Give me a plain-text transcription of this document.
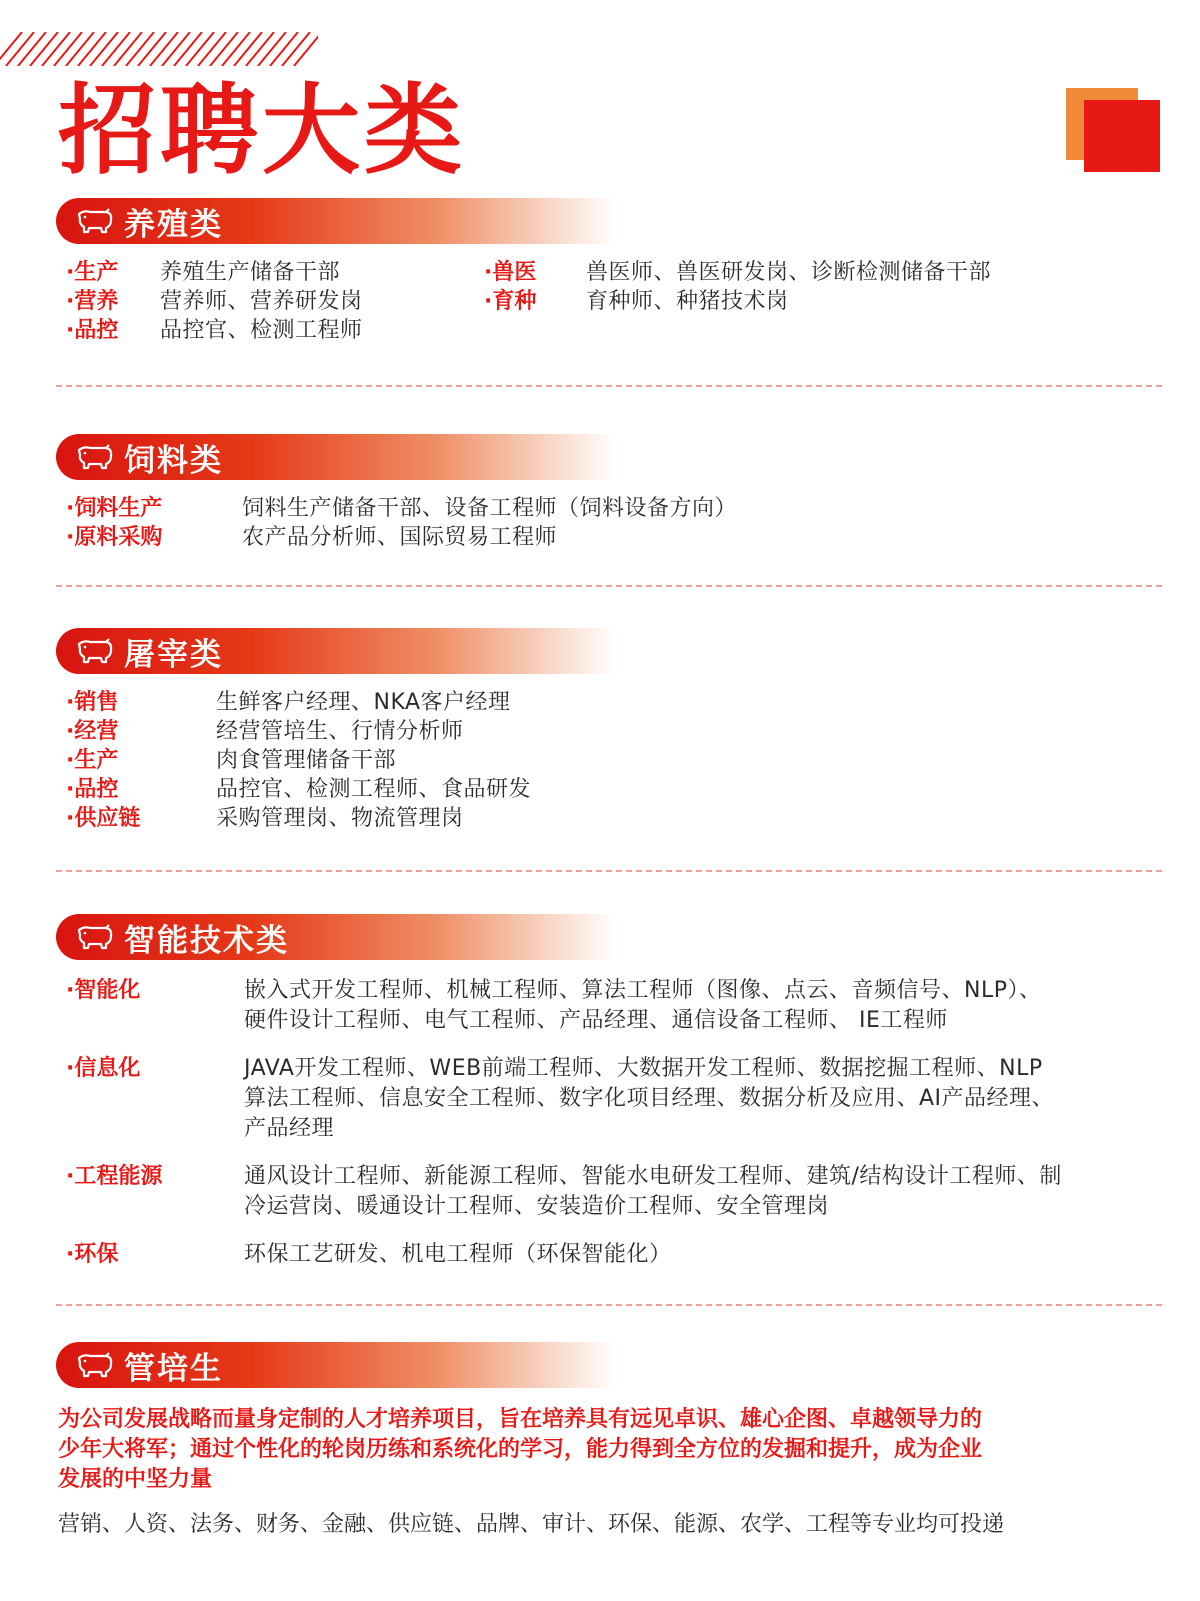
招聘大类
养殖类
·生产 养殖生产储备干部
·营养 营养师、营养研发岗
·品控 品控官、检测工程师
·兽医 兽医师、兽医研发岗、诊断检测储备干部
·育种 育种师、种猪技术岗
饲料类
·饲料生产	饲料生产储备干部、设备工程师（饲料设备方向）
·原料采购	农产品分析师、国际贸易工程师
屠宰类
·销售	生鲜客户经理、NKA客户经理
·经营	经营管培生、行情分析师
·生产	肉食管理储备干部
·品控	品控官、检测工程师、食品研发
·供应链	采购管理岗、物流管理岗
智能技术类
·智能化	嵌入式开发工程师、机械工程师、算法工程师（图像、点云、音频信号、NLP）、
硬件设计工程师、电气工程师、产品经理、通信设备工程师、 IE工程师
·信息化	JAVA开发工程师、WEB前端工程师、大数据开发工程师、数据挖掘工程师、NLP
算法工程师、信息安全工程师、数字化项目经理、数据分析及应用、AI产品经理、
产品经理
·工程能源	通风设计工程师、新能源工程师、智能水电研发工程师、建筑/结构设计工程师、制
冷运营岗、暖通设计工程师、安装造价工程师、安全管理岗
·环保	环保工艺研发、机电工程师（环保智能化）
管培生
为公司发展战略而量身定制的人才培养项目，旨在培养具有远见卓识、雄心企图、卓越领导力的
少年大将军；通过个性化的轮岗历练和系统化的学习，能力得到全方位的发掘和提升，成为企业
发展的中坚力量
营销、人资、法务、财务、金融、供应链、品牌、审计、环保、能源、农学、工程等专业均可投递
